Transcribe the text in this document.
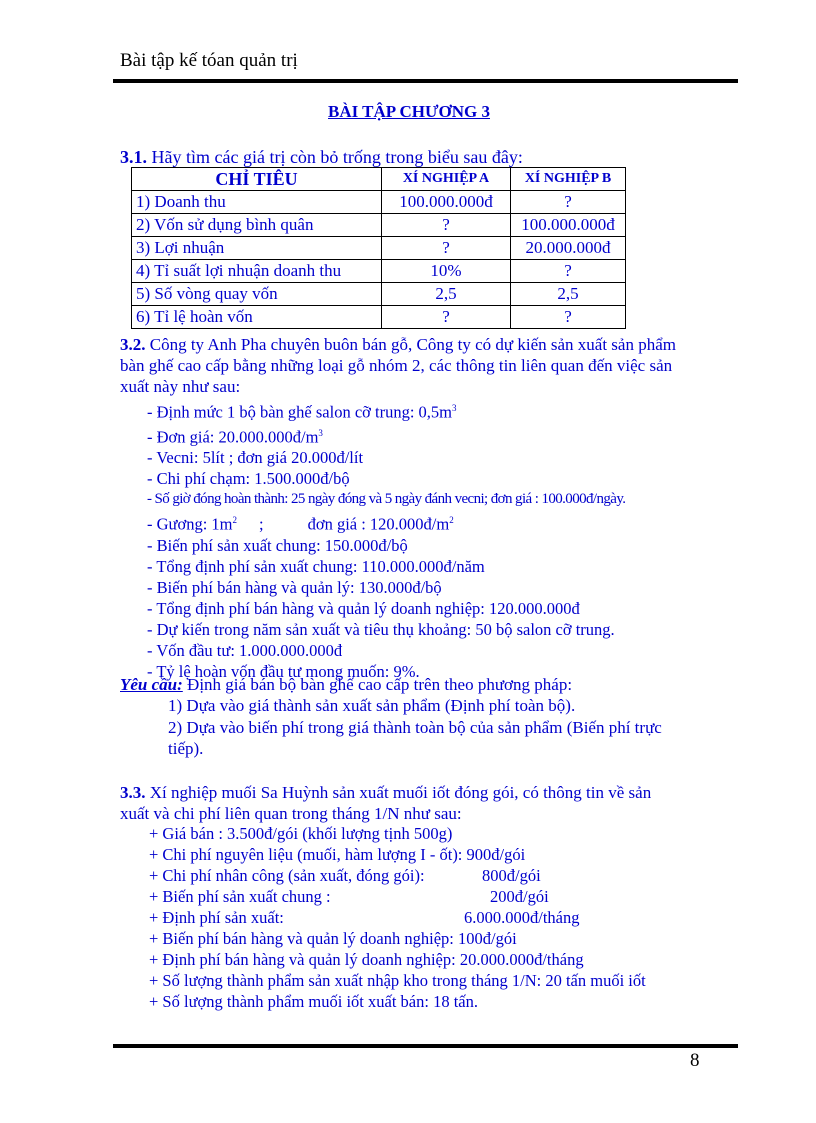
Bài tập kế tóan quản trị
BÀI TẬP CHƯƠNG 3
3.1. Hãy tìm các giá trị còn bỏ trống trong biểu sau đây:
CHỈ TIÊU	XÍ NGHIỆP A	XÍ NGHIỆP B
1) Doanh thu	100.000.000đ	?
2) Vốn sử dụng bình quân	?	100.000.000đ
3) Lợi nhuận	?	20.000.000đ
4) Tỉ suất lợi nhuận doanh thu	10%	?
5) Số vòng quay vốn	2,5	2,5
6) Tỉ lệ hoàn vốn	?	?
3.2. Công ty Anh Pha chuyên buôn bán gỗ, Công ty có dự kiến sản xuất sản phẩm
bàn ghế cao cấp bằng những loại gỗ nhóm 2, các thông tin liên quan đến việc sản
xuất này như sau:
- Định mức 1 bộ bàn ghế salon cỡ trung: $0,5m^3$
- Đơn giá: $20.000.000đ/m^3$
- Vecni: 5lít ; đơn giá 20.000đ/lít
- Chi phí chạm: 1.500.000đ/bộ
- Số giờ đóng hoàn thành: 25 ngày đóng và 5 ngày đánh vecni; đơn giá : 100.000đ/ngày.
- Gương: $1m^2$ ;	đơn giá : $120.000đ/m^2$
- Biến phí sản xuất chung: 150.000đ/bộ
- Tổng định phí sản xuất chung: 110.000.000đ/năm
- Biến phí bán hàng và quản lý: 130.000đ/bộ
- Tổng định phí bán hàng và quản lý doanh nghiệp: 120.000.000đ
- Dự kiến trong năm sản xuất và tiêu thụ khoảng: 50 bộ salon cỡ trung.
- Vốn đầu tư: 1.000.000.000đ
- Tỷ lệ hoàn vốn đầu tư mong muốn: 9%.
Yêu cầu: Định giá bán bộ bàn ghế cao cấp trên theo phương pháp:
1) Dựa vào giá thành sản xuất sản phẩm (Định phí toàn bộ).
2) Dựa vào biến phí trong giá thành toàn bộ của sản phẩm (Biến phí trực
tiếp).
3.3. Xí nghiệp muối Sa Huỳnh sản xuất muối iốt đóng gói, có thông tin về sản
xuất và chi phí liên quan trong tháng 1/N như sau:
+ Giá bán : 3.500đ/gói (khối lượng tịnh 500g)
+ Chi phí nguyên liệu (muối, hàm lượng I - ốt): 900đ/gói
+ Chi phí nhân công (sản xuất, đóng gói):	800đ/gói
+ Biến phí sản xuất chung :	200đ/gói
+ Định phí sản xuất:	6.000.000đ/tháng
+ Biến phí bán hàng và quản lý doanh nghiệp: 100đ/gói
+ Định phí bán hàng và quản lý doanh nghiệp: 20.000.000đ/tháng
+ Số lượng thành phẩm sản xuất nhập kho trong tháng 1/N: 20 tấn muối iốt
+ Số lượng thành phẩm muối iốt xuất bán: 18 tấn.
8
